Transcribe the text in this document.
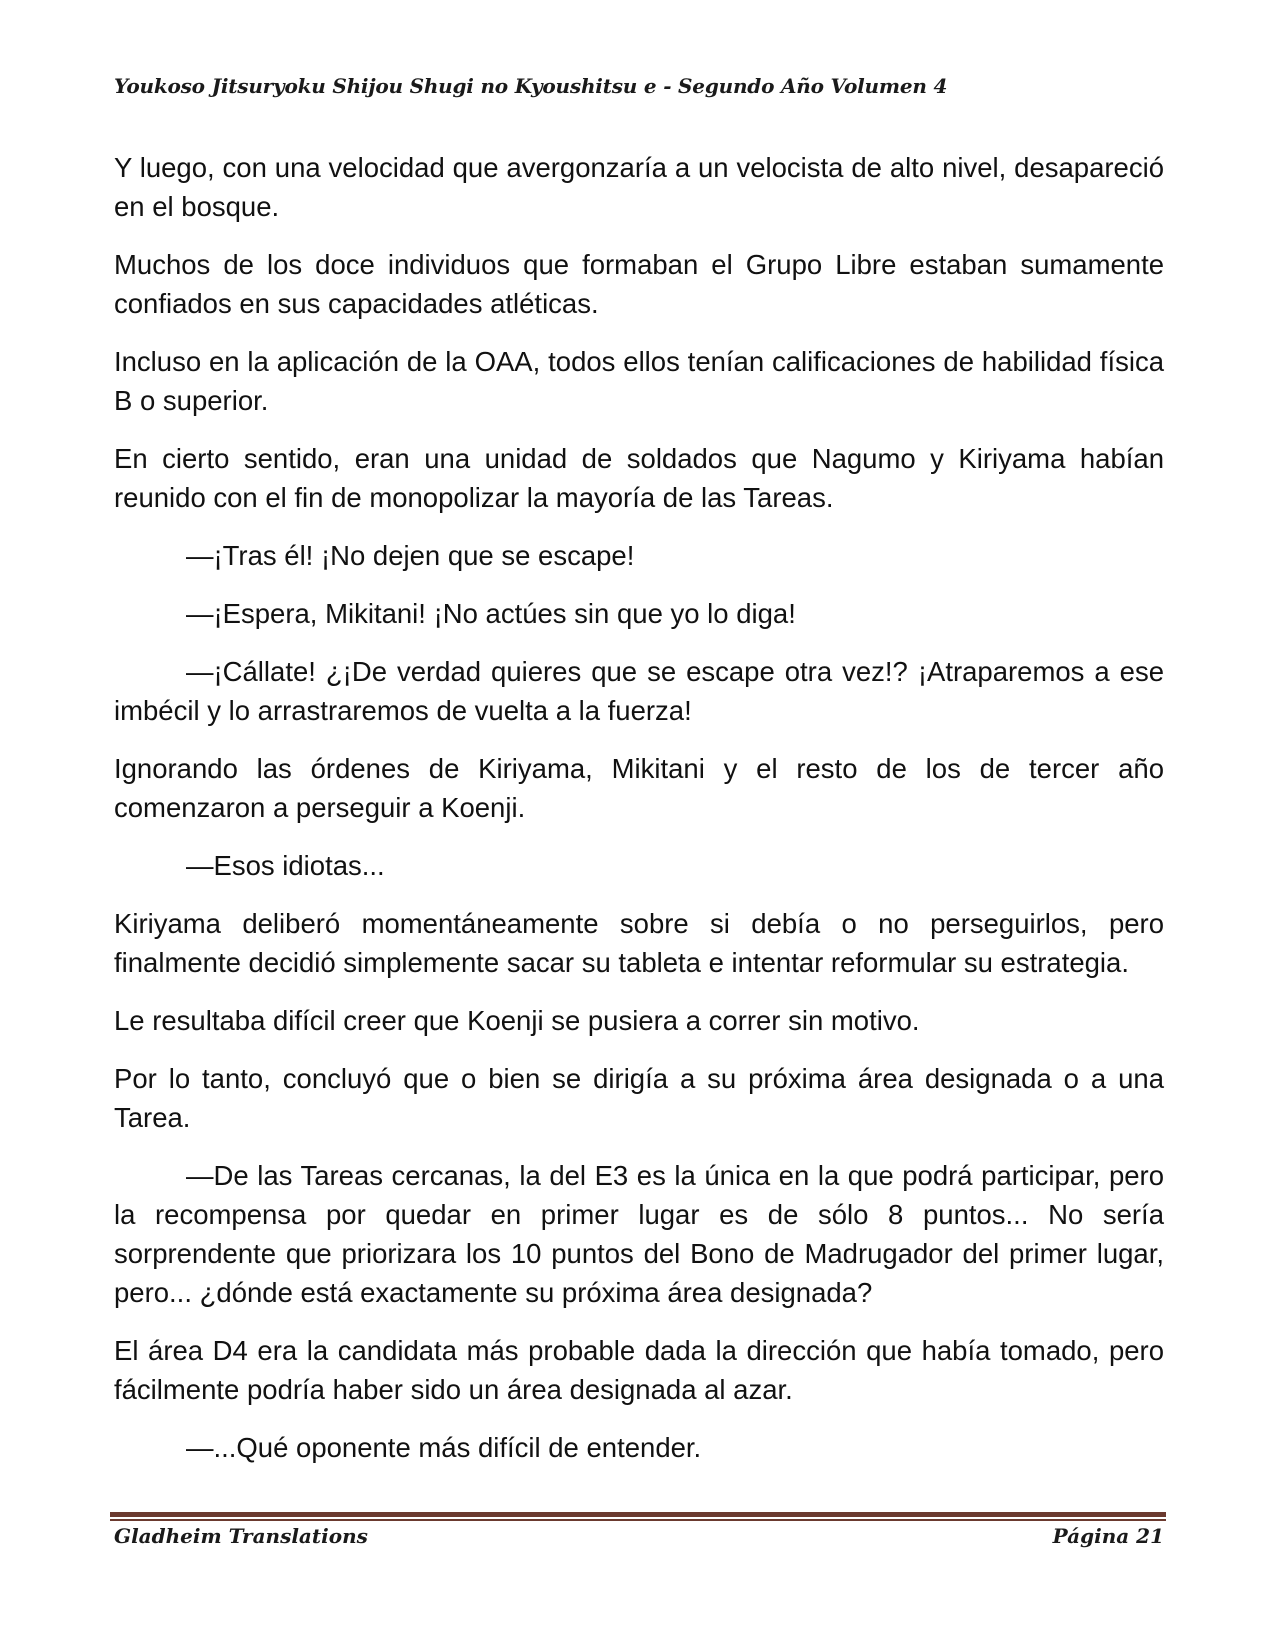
Youkoso Jitsuryoku Shijou Shugi no Kyoushitsu e - Segundo Año Volumen 4

Y luego, con una velocidad que avergonzaría a un velocista de alto nivel, desapareció en el bosque.

Muchos de los doce individuos que formaban el Grupo Libre estaban sumamente confiados en sus capacidades atléticas.

Incluso en la aplicación de la OAA, todos ellos tenían calificaciones de habilidad física B o superior.

En cierto sentido, eran una unidad de soldados que Nagumo y Kiriyama habían reunido con el fin de monopolizar la mayoría de las Tareas.

—¡Tras él! ¡No dejen que se escape!

—¡Espera, Mikitani! ¡No actúes sin que yo lo diga!

—¡Cállate! ¿¡De verdad quieres que se escape otra vez!? ¡Atraparemos a ese imbécil y lo arrastraremos de vuelta a la fuerza!

Ignorando las órdenes de Kiriyama, Mikitani y el resto de los de tercer año comenzaron a perseguir a Koenji.

—Esos idiotas...

Kiriyama deliberó momentáneamente sobre si debía o no perseguirlos, pero finalmente decidió simplemente sacar su tableta e intentar reformular su estrategia.

Le resultaba difícil creer que Koenji se pusiera a correr sin motivo.

Por lo tanto, concluyó que o bien se dirigía a su próxima área designada o a una Tarea.

—De las Tareas cercanas, la del E3 es la única en la que podrá participar, pero la recompensa por quedar en primer lugar es de sólo 8 puntos... No sería sorprendente que priorizara los 10 puntos del Bono de Madrugador del primer lugar, pero... ¿dónde está exactamente su próxima área designada?

El área D4 era la candidata más probable dada la dirección que había tomado, pero fácilmente podría haber sido un área designada al azar.

—...Qué oponente más difícil de entender.

Gladheim Translations	Página 21
